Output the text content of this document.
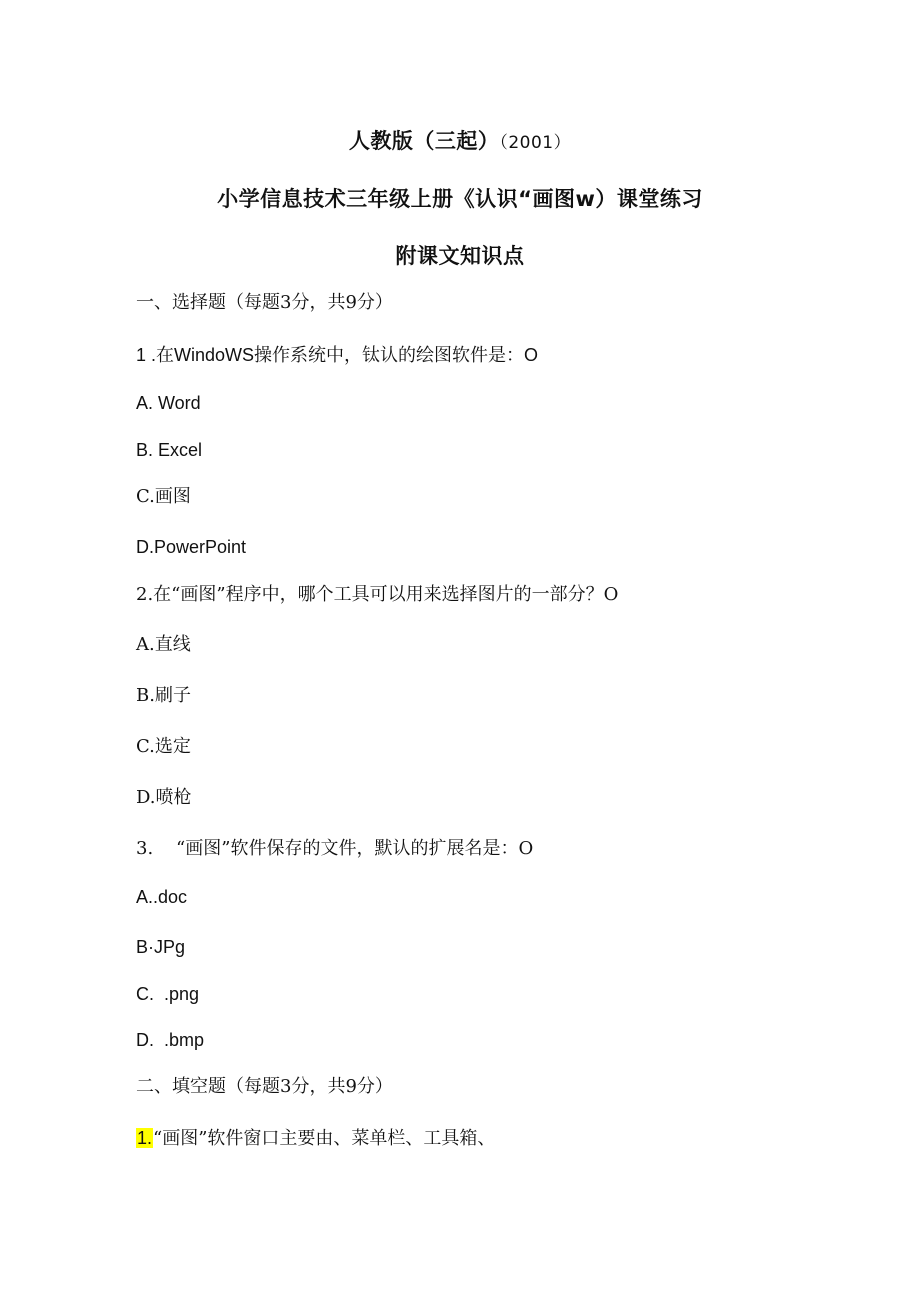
人教版（三起）（2001）
小学信息技术三年级上册《认识“画图w）课堂练习
附课文知识点
一、选择题（每题3分，共9分）
1 .在WindoWS操作系统中，钛认的绘图软件是：O
A. Word
B. Excel
C.画图
D.PowerPoint
2.在“画图”程序中，哪个工具可以用来选择图片的一部分？O
A.直线
B.刷子
C.选定
D.喷枪
3.    “画图”软件保存的文件，默认的扩展名是：O
A..doc
B·JPg
C.  .png
D.  .bmp
二、填空题（每题3分，共9分）
1.“画图”软件窗口主要由、菜单栏、工具箱、
